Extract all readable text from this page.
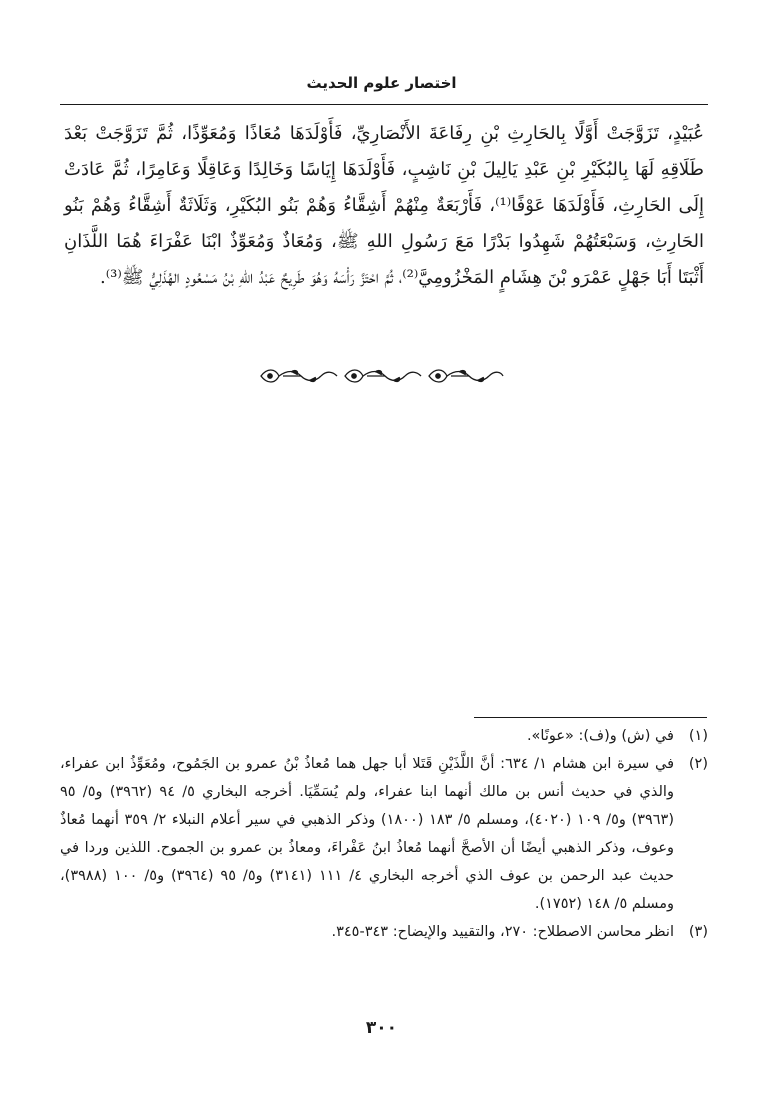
اختصار علوم الحديث

عُبَيْدٍ، تَزَوَّجَتْ أَوَّلًا بِالحَارِثِ بْنِ رِفَاعَةَ الأَنْصَارِيِّ، فَأَوْلَدَهَا مُعَاذًا وَمُعَوِّذًا، ثُمَّ تَزَوَّجَتْ بَعْدَ طَلَاقِهِ لَهَا بِالبُكَيْرِ بْنِ عَبْدِ يَالِيلَ بْنِ نَاشِبٍ، فَأَوْلَدَهَا إِيَاسًا وَخَالِدًا وَعَاقِلًا وَعَامِرًا، ثُمَّ عَادَتْ إِلَى الحَارِثِ، فَأَوْلَدَهَا عَوْفًا⁽¹⁾، فَأَرْبَعَةٌ مِنْهُمْ أَشِقَّاءُ وَهُمْ بَنُو البُكَيْرِ، وَثَلَاثَةٌ أَشِقَّاءُ وَهُمْ بَنُو الحَارِثِ، وَسَبْعَتُهُمْ شَهِدُوا بَدْرًا مَعَ رَسُولِ اللهِ ﷺ، وَمُعَاذٌ وَمُعَوِّذٌ ابْنَا عَفْرَاءَ هُمَا اللَّذَانِ أَثْبَتَا أَبَا جَهْلٍ عَمْرَو بْنَ هِشَامٍ المَخْزُومِيَّ⁽²⁾، ثُمَّ احْتَزَّ رَأْسَهُ وَهُوَ طَرِيحٌ عَبْدُ اللهِ بْنُ مَسْعُودٍ الهُذَلِيُّ ﷺ⁽³⁾.

(١)
في (ش) و(ف): «عونًا».
(٢)
في سيرة ابن هشام ١/ ٦٣٤: أنَّ اللَّذَيْنِ قَتَلا أبا جهل هما مُعاذُ بْنُ عمرو بن الجَمُوح، ومُعَوِّذُ ابن عفراء، والذي في حديث أنس بن مالك أنهما ابنا عفراء، ولم يُسَمِّيَا. أخرجه البخاري ٥/ ٩٤ (٣٩٦٢) و٥/ ٩٥ (٣٩٦٣) و٥/ ١٠٩ (٤٠٢٠)، ومسلم ٥/ ١٨٣ (١٨٠٠) وذكر الذهبي في سير أعلام النبلاء ٢/ ٣٥٩ أنهما مُعاذٌ وعوف، وذكر الذهبي أيضًا أن الأصحَّ أنهما مُعاذُ ابنُ عَفْراءَ، ومعاذُ بن عمرو بن الجموح. اللذين وردا في حديث عبد الرحمن بن عوف الذي أخرجه البخاري ٤/ ١١١ (٣١٤١) و٥/ ٩٥ (٣٩٦٤) و٥/ ١٠٠ (٣٩٨٨)، ومسلم ٥/ ١٤٨ (١٧٥٢).
(٣)
انظر محاسن الاصطلاح: ٢٧٠، والتقييد والإيضاح: ٣٤٣-٣٤٥.
٣٠٠
